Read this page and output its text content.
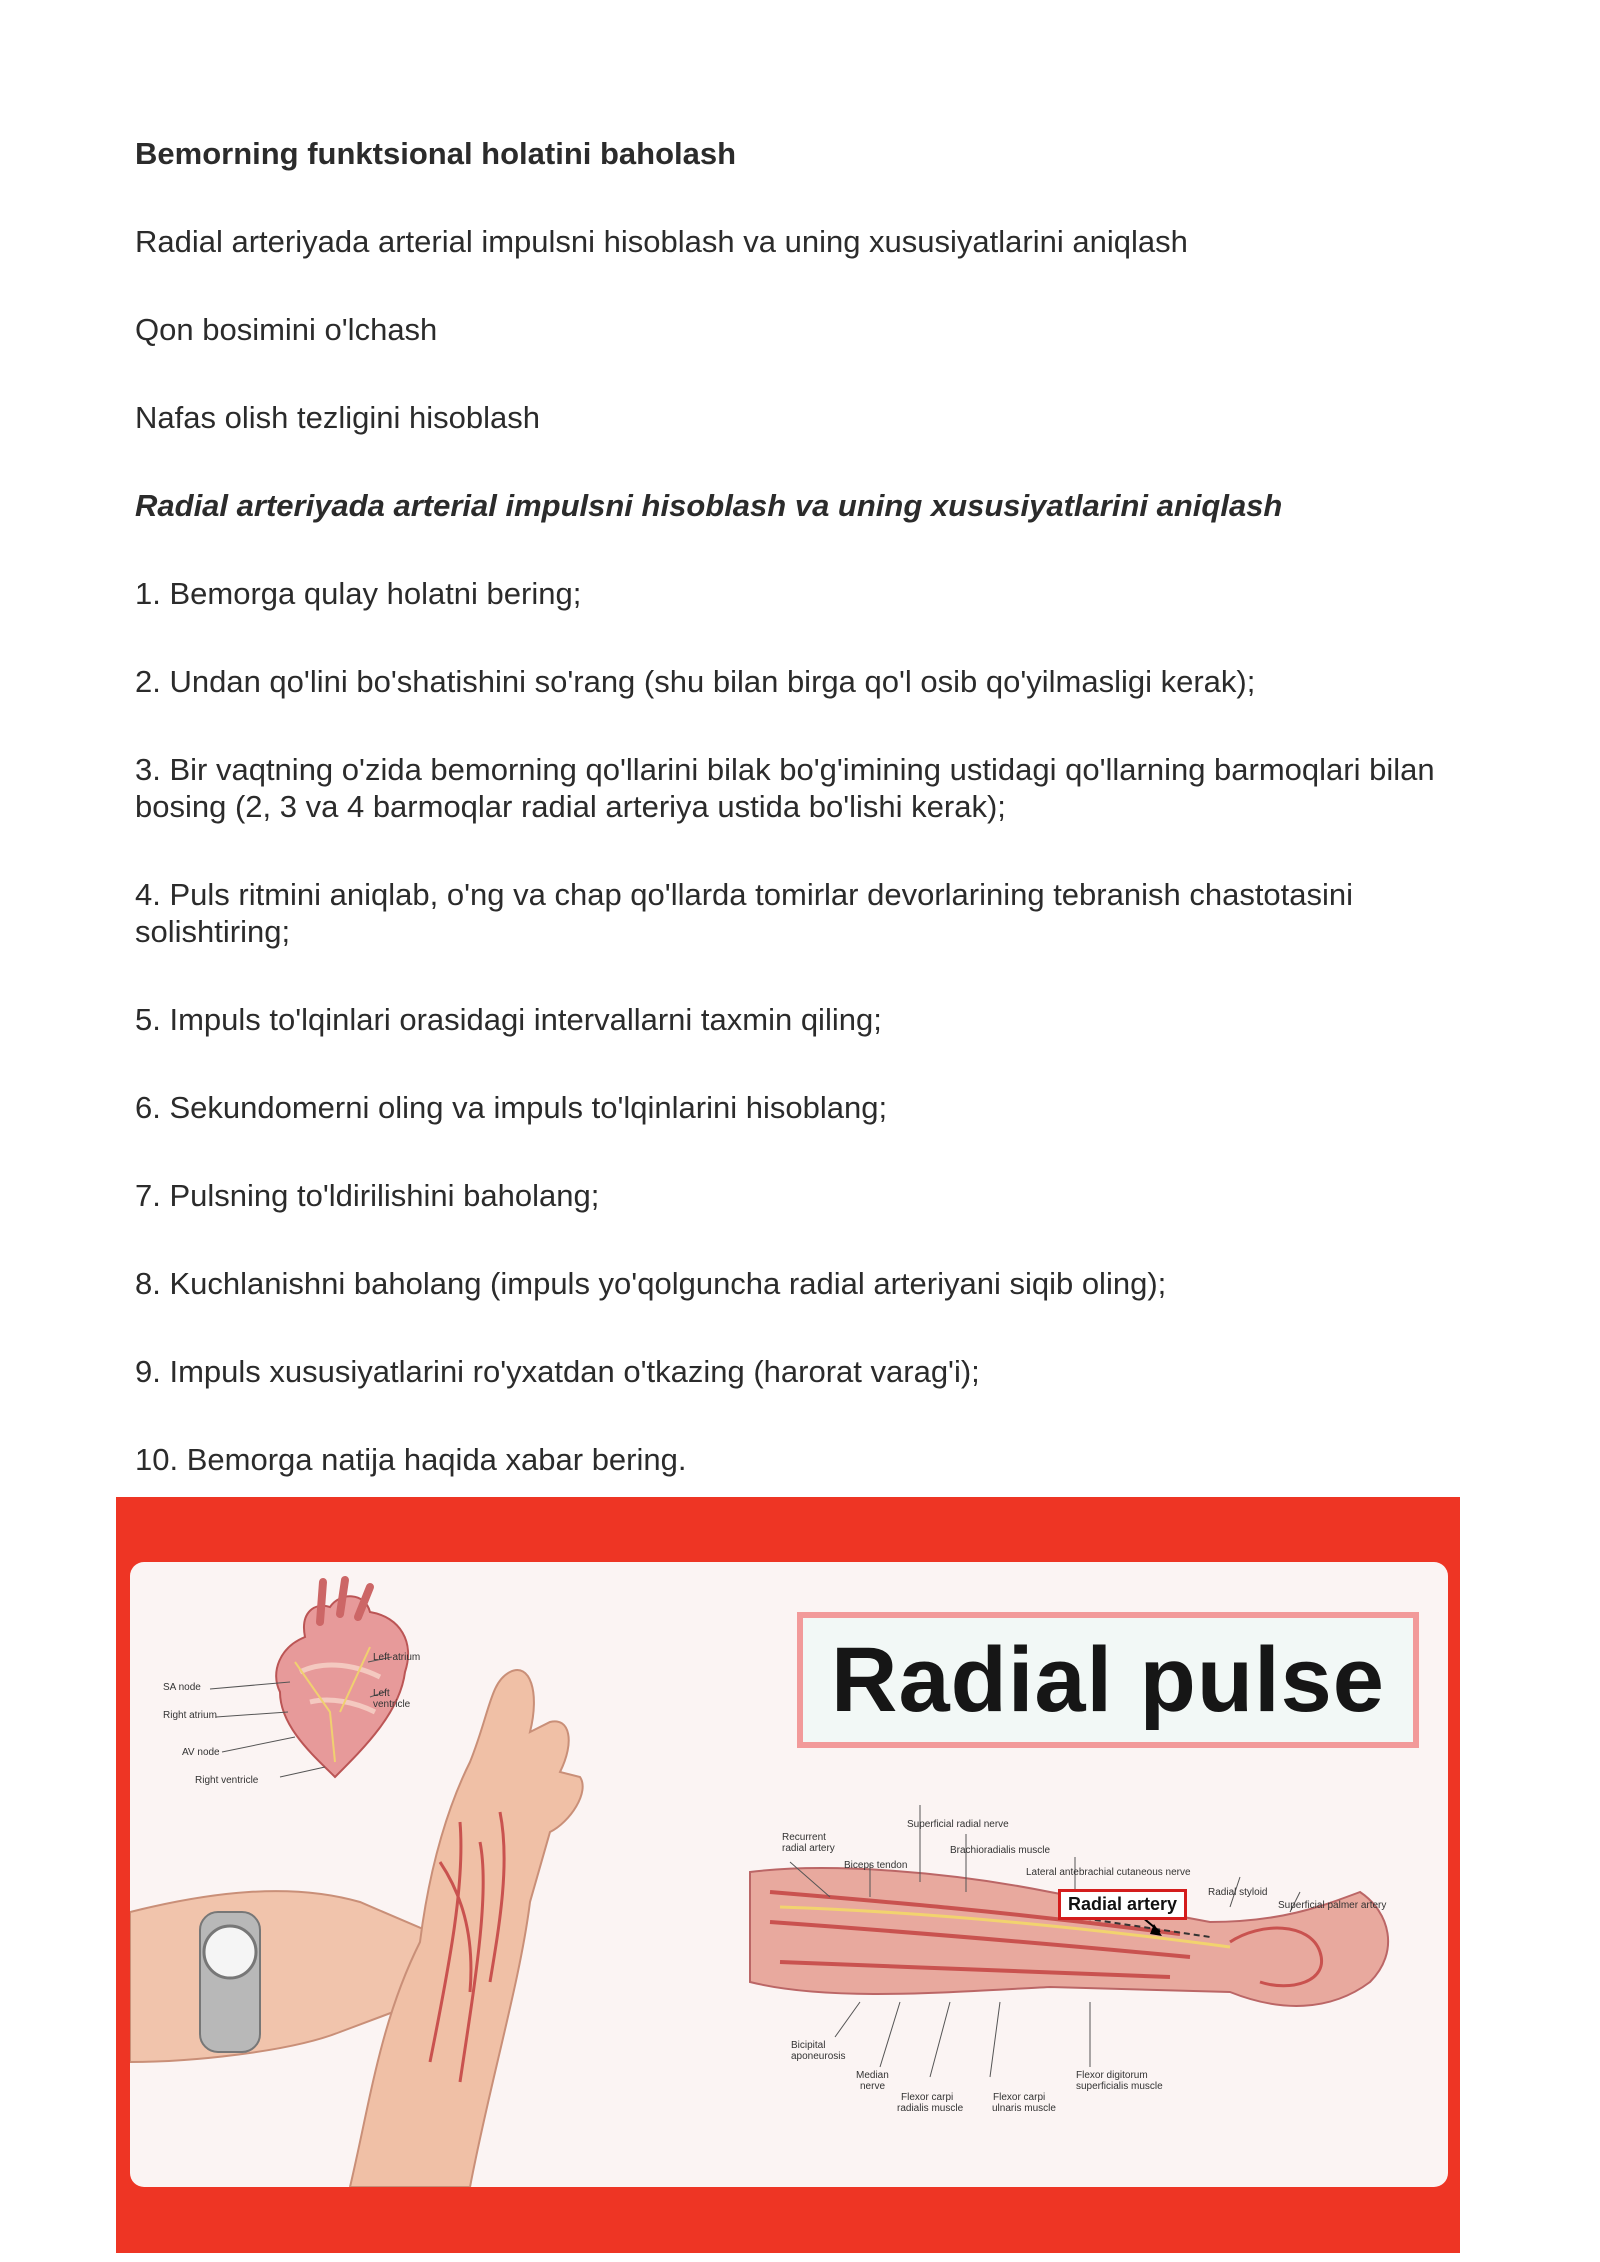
Bemorning funktsional holatini baholash

Radial arteriyada arterial impulsni hisoblash va uning xususiyatlarini aniqlash

Qon bosimini o'lchash

Nafas olish tezligini hisoblash

Radial arteriyada arterial impulsni hisoblash va uning xususiyatlarini aniqlash

1. Bemorga qulay holatni bering;

2. Undan qo'lini bo'shatishini so'rang (shu bilan birga qo'l osib qo'yilmasligi kerak);

3. Bir vaqtning o'zida bemorning qo'llarini bilak bo'g'imining ustidagi qo'llarning barmoqlari bilan bosing (2, 3 va 4 barmoqlar radial arteriya ustida bo'lishi kerak);

4. Puls ritmini aniqlab, o'ng va chap qo'llarda tomirlar devorlarining tebranish chastotasini solishtiring;

5. Impuls to'lqinlari orasidagi intervallarni taxmin qiling;

6. Sekundomerni oling va impuls to'lqinlarini hisoblang;

7. Pulsning to'ldirilishini baholang;

8. Kuchlanishni baholang (impuls yo'qolguncha radial arteriyani siqib oling);

9. Impuls xususiyatlarini ro'yxatdan o'tkazing (harorat varag'i);

10. Bemorga natija haqida xabar bering.

SA node
Right atrium
AV node
Right ventricle
Left atrium
Left
ventricle	Radial pulse
Recurrent
radial artery
Superficial radial nerve
Biceps tendon
Brachioradialis muscle
Lateral antebrachial cutaneous nerve
Radial styloid
Superficial palmer artery
Radial artery
Bicipital
aponeurosis
Median
nerve
Flexor carpi
radialis muscle
Flexor carpi
ulnaris muscle
Flexor digitorum
superficialis muscle
